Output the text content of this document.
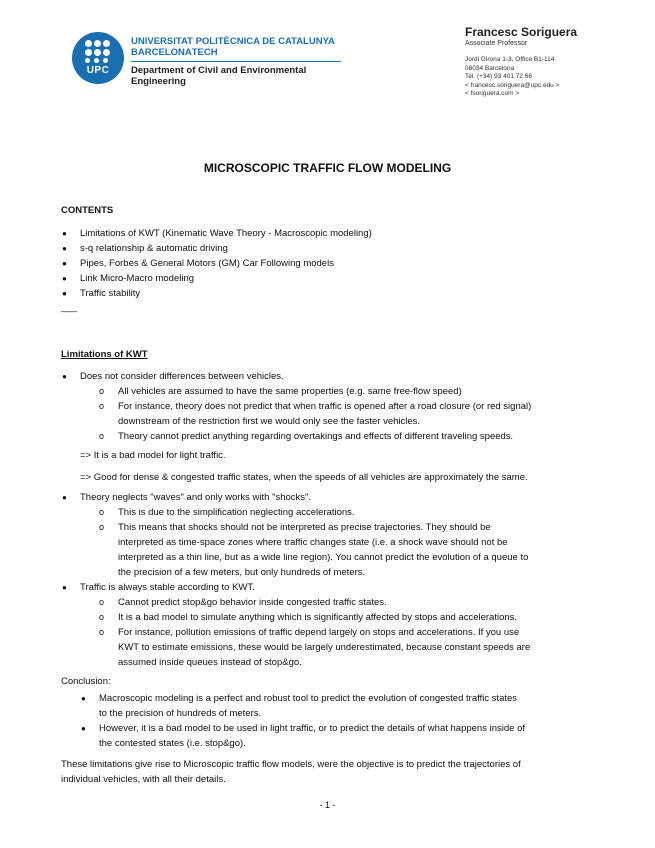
UPC
UNIVERSITAT POLITÈCNICA DE CATALUNYA
BARCELONATECH
Department of Civil and Environmental
Engineering
Francesc Soriguera
Associate Professor
Jordi Girona 1-3, Office B1-114
08034 Barcelona
Tel. (+34) 93 401 72 66
< francesc.soriguera@upc.edu >
< fsoriguera.com >
MICROSCOPIC TRAFFIC FLOW MODELING
CONTENTS
● Limitations of KWT (Kinematic Wave Theory - Macroscopic modeling)
● s-q relationship & automatic driving
● Pipes, Forbes & General Motors (GM) Car Following models
● Link Micro-Macro modeling
● Traffic stability
___
Limitations of KWT
● Does not consider differences between vehicles.
o All vehicles are assumed to have the same properties (e.g. same free-flow speed)
o For instance, theory does not predict that when traffic is opened after a road closure (or red signal)
downstream of the restriction first we would only see the faster vehicles.
o Theory cannot predict anything regarding overtakings and effects of different traveling speeds.
=> It is a bad model for light traffic.
=> Good for dense & congested traffic states, when the speeds of all vehicles are approximately the same.
● Theory neglects "waves" and only works with "shocks".
o This is due to the simplification neglecting accelerations.
o This means that shocks should not be interpreted as precise trajectories. They should be
interpreted as time-space zones where traffic changes state (i.e. a shock wave should not be
interpreted as a thin line, but as a wide line region). You cannot predict the evolution of a queue to
the precision of a few meters, but only hundreds of meters.
● Traffic is always stable according to KWT.
o Cannot predict stop&go behavior inside congested traffic states.
o It is a bad model to simulate anything which is significantly affected by stops and accelerations.
o For instance, pollution emissions of traffic depend largely on stops and accelerations. If you use
KWT to estimate emissions, these would be largely underestimated, because constant speeds are
assumed inside queues instead of stop&go.
Conclusion:
● Macroscopic modeling is a perfect and robust tool to predict the evolution of congested traffic states
to the precision of hundreds of meters.
● However, it is a bad model to be used in light traffic, or to predict the details of what happens inside of
the contested states (i.e. stop&go).
These limitations give rise to Microscopic traffic flow models, were the objective is to predict the trajectories of
individual vehicles, with all their details.
- 1 -
